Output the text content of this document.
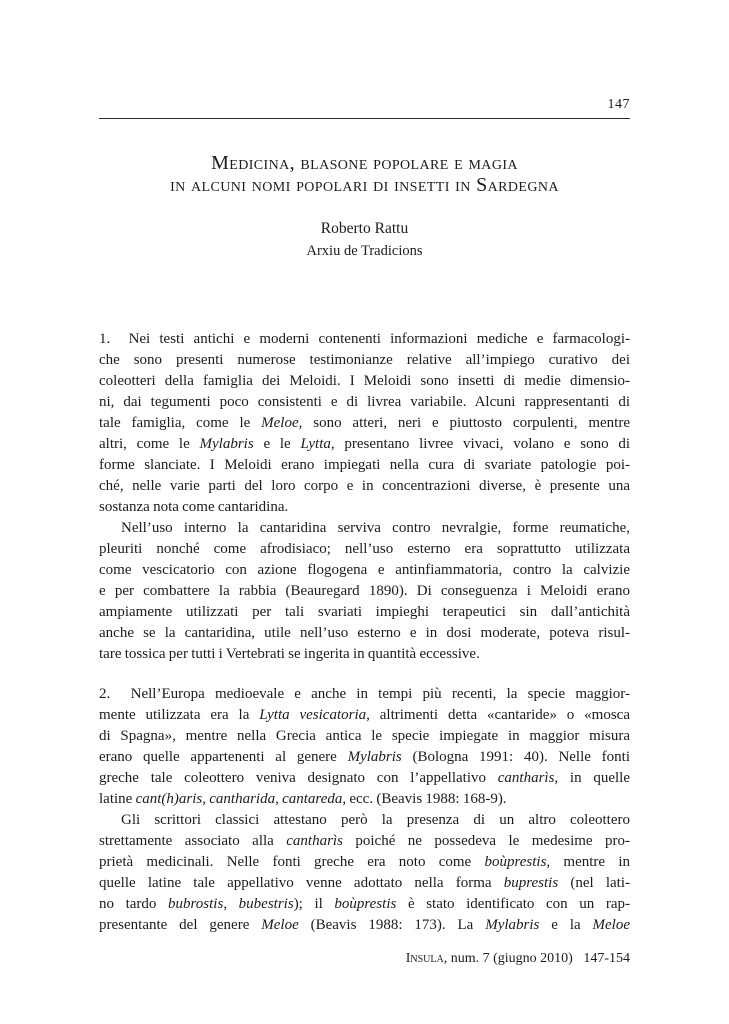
147
Medicina, blasone popolare e magia
in alcuni nomi popolari di insetti in Sardegna
Roberto Rattu
Arxiu de Tradicions
1.  Nei testi antichi e moderni contenenti informazioni mediche e farmacologi-
che sono presenti numerose testimonianze relative all’impiego curativo dei
coleotteri della famiglia dei Meloidi. I Meloidi sono insetti di medie dimensio-
ni, dai tegumenti poco consistenti e di livrea variabile. Alcuni rappresentanti di
tale famiglia, come le Meloe, sono atteri, neri e piuttosto corpulenti, mentre
altri, come le Mylabris e le Lytta, presentano livree vivaci, volano e sono di
forme slanciate. I Meloidi erano impiegati nella cura di svariate patologie poi-
ché, nelle varie parti del loro corpo e in concentrazioni diverse, è presente una
sostanza nota come cantaridina.
Nell’uso interno la cantaridina serviva contro nevralgie, forme reumatiche,
pleuriti nonché come afrodisiaco; nell’uso esterno era soprattutto utilizzata
come vescicatorio con azione flogogena e antinfiammatoria, contro la calvizie
e per combattere la rabbia (Beauregard 1890). Di conseguenza i Meloidi erano
ampiamente utilizzati per tali svariati impieghi terapeutici sin dall’antichità
anche se la cantaridina, utile nell’uso esterno e in dosi moderate, poteva risul-
tare tossica per tutti i Vertebrati se ingerita in quantità eccessive.
2.  Nell’Europa medioevale e anche in tempi più recenti, la specie maggior-
mente utilizzata era la Lytta vesicatoria, altrimenti detta «cantaride» o «mosca
di Spagna», mentre nella Grecia antica le specie impiegate in maggior misura
erano quelle appartenenti al genere Mylabris (Bologna 1991: 40). Nelle fonti
greche tale coleottero veniva designato con l’appellativo cantharìs, in quelle
latine cant(h)aris, cantharida, cantareda, ecc. (Beavis 1988: 168-9).
Gli scrittori classici attestano però la presenza di un altro coleottero
strettamente associato alla cantharìs poiché ne possedeva le medesime pro-
prietà medicinali. Nelle fonti greche era noto come boùprestis, mentre in
quelle latine tale appellativo venne adottato nella forma buprestis (nel lati-
no tardo bubrostis, bubestris); il boùprestis è stato identificato con un rap-
presentante del genere Meloe (Beavis 1988: 173). La Mylabris e la Meloe
Insula, num. 7 (giugno 2010)   147-154
